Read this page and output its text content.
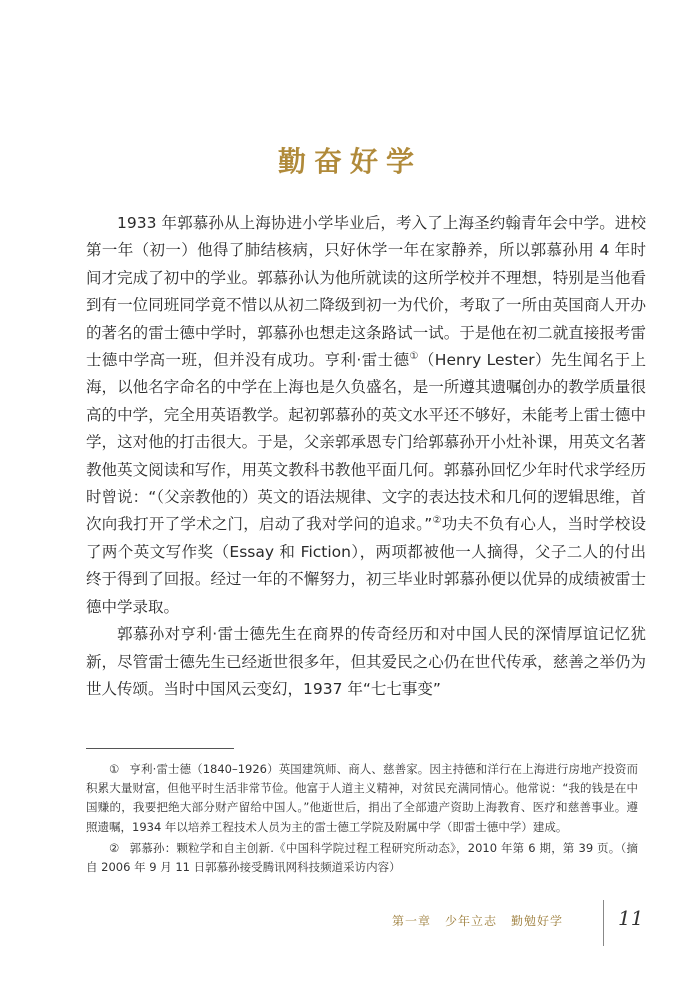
勤奋好学

1933 年郭慕孙从上海协进小学毕业后，考入了上海圣约翰青年会中学。进校第一年（初一）他得了肺结核病，只好休学一年在家静养，所以郭慕孙用 4 年时间才完成了初中的学业。郭慕孙认为他所就读的这所学校并不理想，特别是当他看到有一位同班同学竟不惜以从初二降级到初一为代价，考取了一所由英国商人开办的著名的雷士德中学时，郭慕孙也想走这条路试一试。于是他在初二就直接报考雷士德中学高一班，但并没有成功。亨利·雷士德①（Henry Lester）先生闻名于上海，以他名字命名的中学在上海也是久负盛名，是一所遵其遗嘱创办的教学质量很高的中学，完全用英语教学。起初郭慕孙的英文水平还不够好，未能考上雷士德中学，这对他的打击很大。于是，父亲郭承恩专门给郭慕孙开小灶补课，用英文名著教他英文阅读和写作，用英文教科书教他平面几何。郭慕孙回忆少年时代求学经历时曾说：“（父亲教他的）英文的语法规律、文字的表达技术和几何的逻辑思维，首次向我打开了学术之门，启动了我对学问的追求。”②功夫不负有心人，当时学校设了两个英文写作奖（Essay 和 Fiction），两项都被他一人摘得，父子二人的付出终于得到了回报。经过一年的不懈努力，初三毕业时郭慕孙便以优异的成绩被雷士德中学录取。

郭慕孙对亨利·雷士德先生在商界的传奇经历和对中国人民的深情厚谊记忆犹新，尽管雷士德先生已经逝世很多年，但其爱民之心仍在世代传承，慈善之举仍为世人传颂。当时中国风云变幻，1937 年“七七事变”

① 亨利·雷士德（1840–1926）英国建筑师、商人、慈善家。因主持德和洋行在上海进行房地产投资而积累大量财富，但他平时生活非常节俭。他富于人道主义精神，对贫民充满同情心。他常说：“我的钱是在中国赚的，我要把绝大部分财产留给中国人。”他逝世后，捐出了全部遗产资助上海教育、医疗和慈善事业。遵照遗嘱，1934 年以培养工程技术人员为主的雷士德工学院及附属中学（即雷士德中学）建成。

② 郭慕孙：颗粒学和自主创新.《中国科学院过程工程研究所动态》，2010 年第 6 期，第 39 页。（摘自 2006 年 9 月 11 日郭慕孙接受腾讯网科技频道采访内容）

第一章 少年立志 勤勉好学	11
